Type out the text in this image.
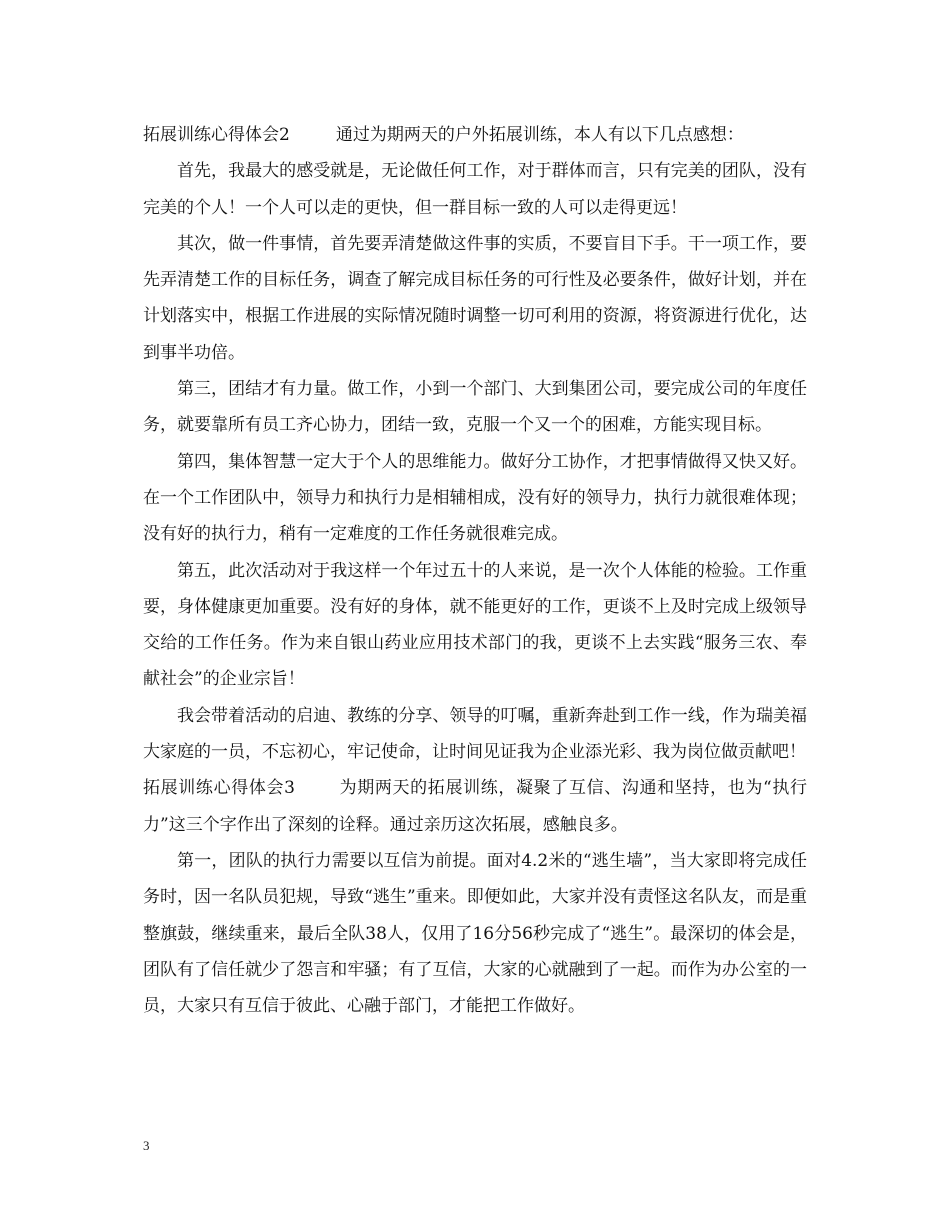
拓展训练心得体会2	通过为期两天的户外拓展训练，本人有以下几点感想：

首先，我最大的感受就是，无论做任何工作，对于群体而言，只有完美的团队，没有完美的个人！一个人可以走的更快，但一群目标一致的人可以走得更远！

其次，做一件事情，首先要弄清楚做这件事的实质，不要盲目下手。干一项工作，要先弄清楚工作的目标任务，调查了解完成目标任务的可行性及必要条件，做好计划，并在计划落实中，根据工作进展的实际情况随时调整一切可利用的资源，将资源进行优化，达到事半功倍。

第三，团结才有力量。做工作，小到一个部门、大到集团公司，要完成公司的年度任务，就要靠所有员工齐心协力，团结一致，克服一个又一个的困难，方能实现目标。

第四，集体智慧一定大于个人的思维能力。做好分工协作，才把事情做得又快又好。在一个工作团队中，领导力和执行力是相辅相成，没有好的领导力，执行力就很难体现；没有好的执行力，稍有一定难度的工作任务就很难完成。

第五，此次活动对于我这样一个年过五十的人来说，是一次个人体能的检验。工作重要，身体健康更加重要。没有好的身体，就不能更好的工作，更谈不上及时完成上级领导交给的工作任务。作为来自银山药业应用技术部门的我，更谈不上去实践“服务三农、奉献社会”的企业宗旨！

我会带着活动的启迪、教练的分享、领导的叮嘱，重新奔赴到工作一线，作为瑞美福大家庭的一员，不忘初心，牢记使命，让时间见证我为企业添光彩、我为岗位做贡献吧！

拓展训练心得体会3	为期两天的拓展训练，凝聚了互信、沟通和坚持，也为“执行力”这三个字作出了深刻的诠释。通过亲历这次拓展，感触良多。

第一，团队的执行力需要以互信为前提。面对4.2米的“逃生墙”，当大家即将完成任务时，因一名队员犯规，导致“逃生”重来。即便如此，大家并没有责怪这名队友，而是重整旗鼓，继续重来，最后全队38人，仅用了16分56秒完成了“逃生”。最深切的体会是，团队有了信任就少了怨言和牢骚；有了互信，大家的心就融到了一起。而作为办公室的一员，大家只有互信于彼此、心融于部门，才能把工作做好。

3
